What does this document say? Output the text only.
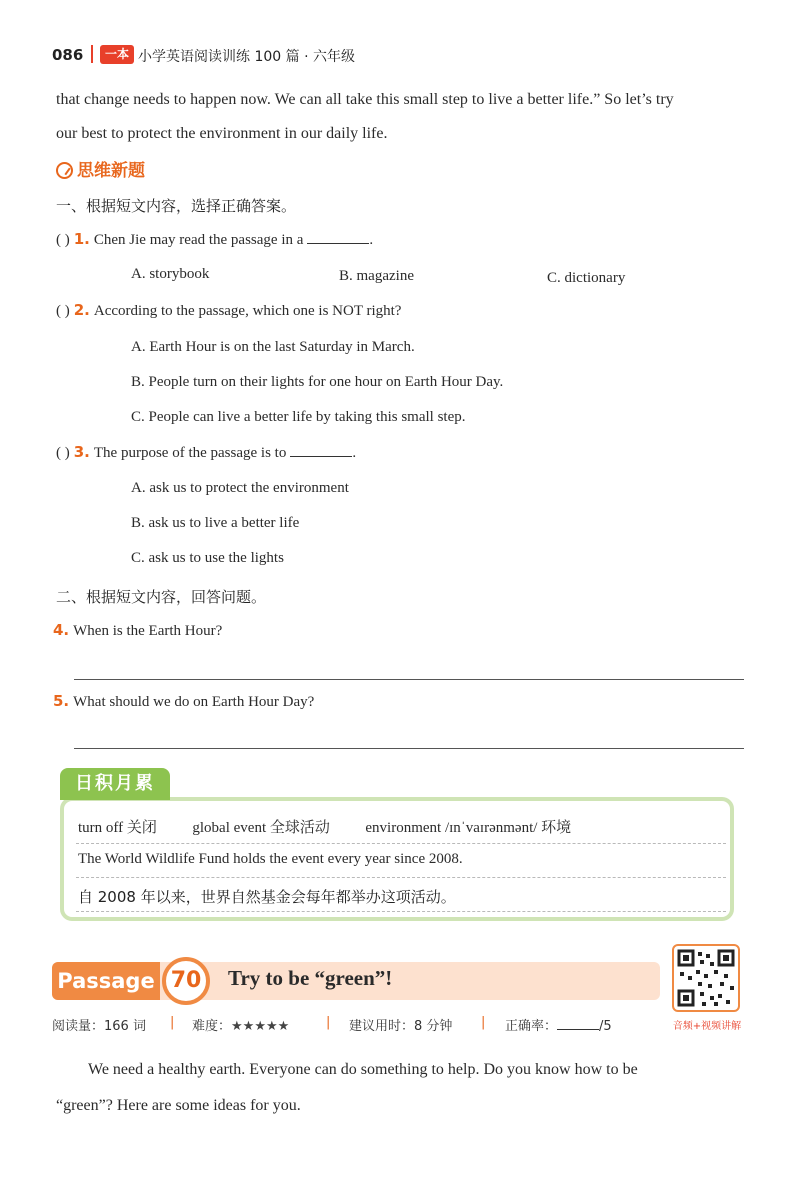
086	一本 小学英语阅读训练 100 篇 · 六年级
that change needs to happen now. We can all take this small step to live a better life.” So let’s try
our best to protect the environment in our daily life.
思维新题
一、根据短文内容，选择正确答案。
( ) 1. Chen Jie may read the passage in a	.
A. storybook	B. magazine	C. dictionary
( ) 2. According to the passage, which one is NOT right?
A. Earth Hour is on the last Saturday in March.
B. People turn on their lights for one hour on Earth Hour Day.
C. People can live a better life by taking this small step.
( ) 3. The purpose of the passage is to	.
A. ask us to protect the environment
B. ask us to live a better life
C. ask us to use the lights
二、根据短文内容，回答问题。
4. When is the Earth Hour?
5. What should we do on Earth Hour Day?
日积月累
turn off 关闭 global event 全球活动 environment /ɪnˈvaɪrənmənt/ 环境
The World Wildlife Fund holds the event every year since 2008.
自 2008 年以来，世界自然基金会每年都举办这项活动。
Passage 70	Try to be “green”!
音频+视频讲解
阅读量：166 词 | 难度：★★★★★	| 建议用时：8 分钟 | 正确率：	/5
We need a healthy earth. Everyone can do something to help. Do you know how to be
“green”? Here are some ideas for you.
